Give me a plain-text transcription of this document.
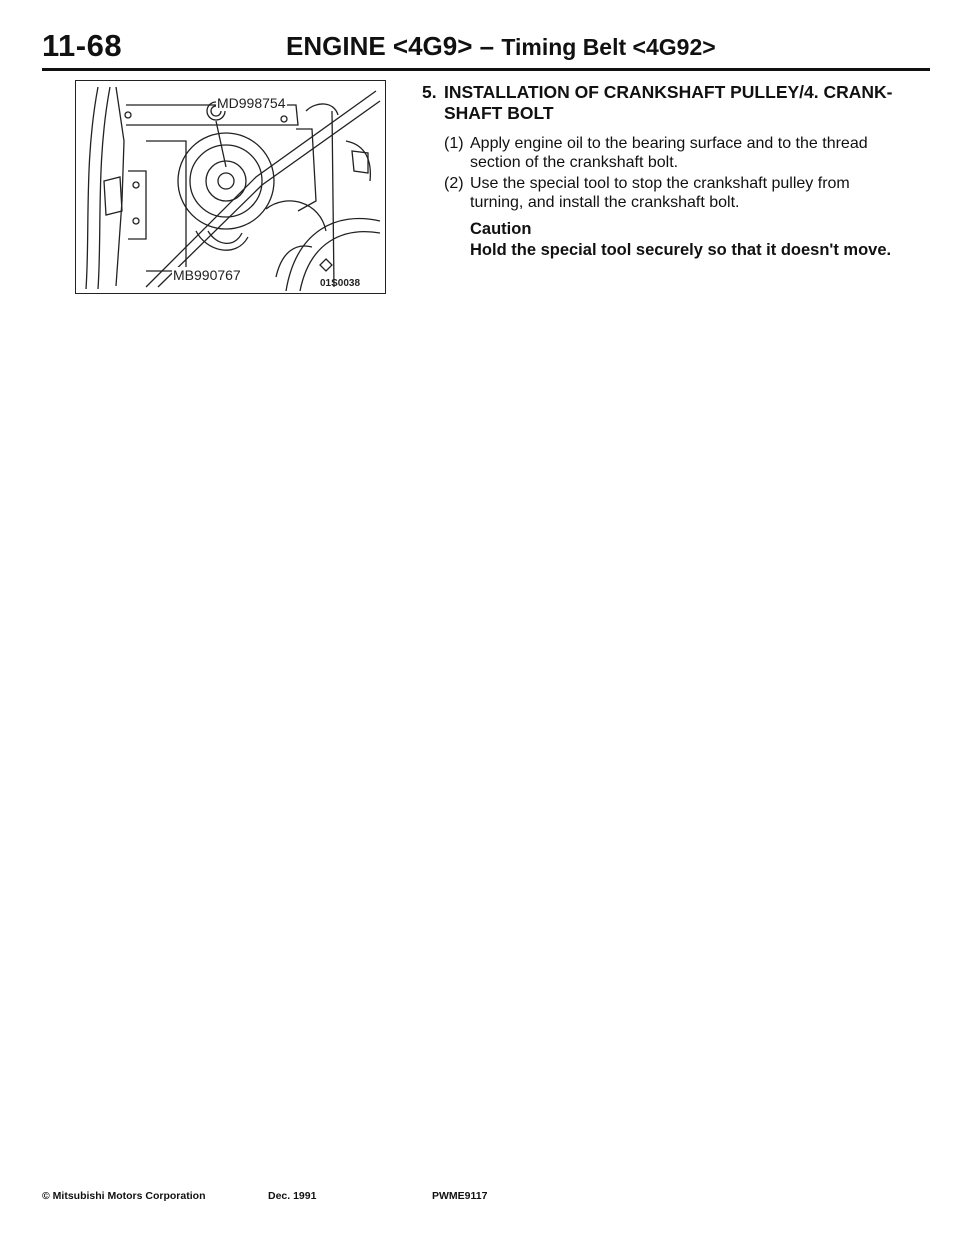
11-68	ENGINE <4G9> – Timing Belt <4G92>
MD998754
MB990767
01S0038
5. INSTALLATION OF CRANKSHAFT PULLEY/4. CRANK-SHAFT BOLT
(1) Apply engine oil to the bearing surface and to the thread section of the crankshaft bolt.
(2) Use the special tool to stop the crankshaft pulley from turning, and install the crankshaft bolt.
Caution
Hold the special tool securely so that it doesn't move.
© Mitsubishi Motors Corporation	Dec. 1991	PWME9117
